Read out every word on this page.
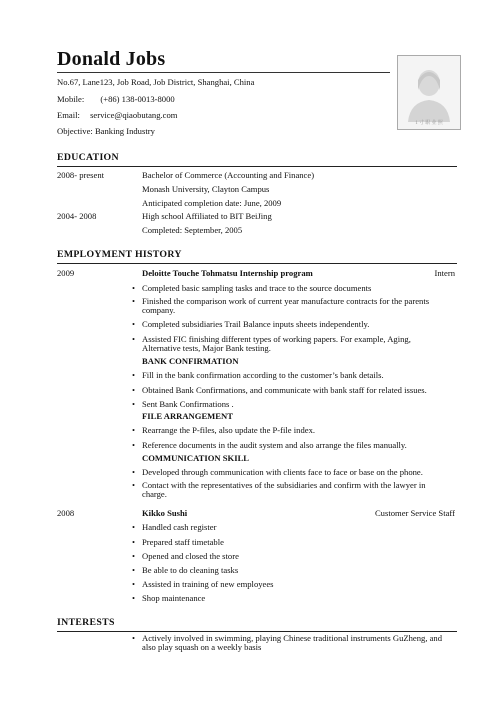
Donald Jobs
No.67, Lane123, Job Road, Job District, Shanghai, China
Mobile: (+86) 138-0013-8000
Email: service@qiaobutang.com
Objective: Banking Industry
1 寸 职 业 照
EDUCATION
2008- present	Bachelor of Commerce (Accounting and Finance)
Monash University, Clayton Campus
Anticipated completion date: June, 2009
2004- 2008	High school Affiliated to BIT BeiJing
Completed: September, 2005
EMPLOYMENT HISTORY
2009	Deloitte Touche Tohmatsu Internship program	Intern
• Completed basic sampling tasks and trace to the source documents
• Finished the comparison work of current year manufacture contracts for the parents company.
• Completed subsidiaries Trail Balance inputs sheets independently.
• Assisted FIC finishing different types of working papers. For example, Aging, Alternative tests, Major Bank testing.
BANK CONFIRMATION
• Fill in the bank confirmation according to the customer’s bank details.
• Obtained Bank Confirmations, and communicate with bank staff for related issues.
• Sent Bank Confirmations .
FILE ARRANGEMENT
• Rearrange the P-files, also update the P-file index.
• Reference documents in the audit system and also arrange the files manually.
COMMUNICATION SKILL
• Developed through communication with clients face to face or base on the phone.
• Contact with the representatives of the subsidiaries and confirm with the lawyer in charge.
2008	Kikko Sushi	Customer Service Staff
• Handled cash register
• Prepared staff timetable
• Opened and closed the store
• Be able to do cleaning tasks
• Assisted in training of new employees
• Shop maintenance
INTERESTS
• Actively involved in swimming, playing Chinese traditional instruments GuZheng, and also play squash on a weekly basis
